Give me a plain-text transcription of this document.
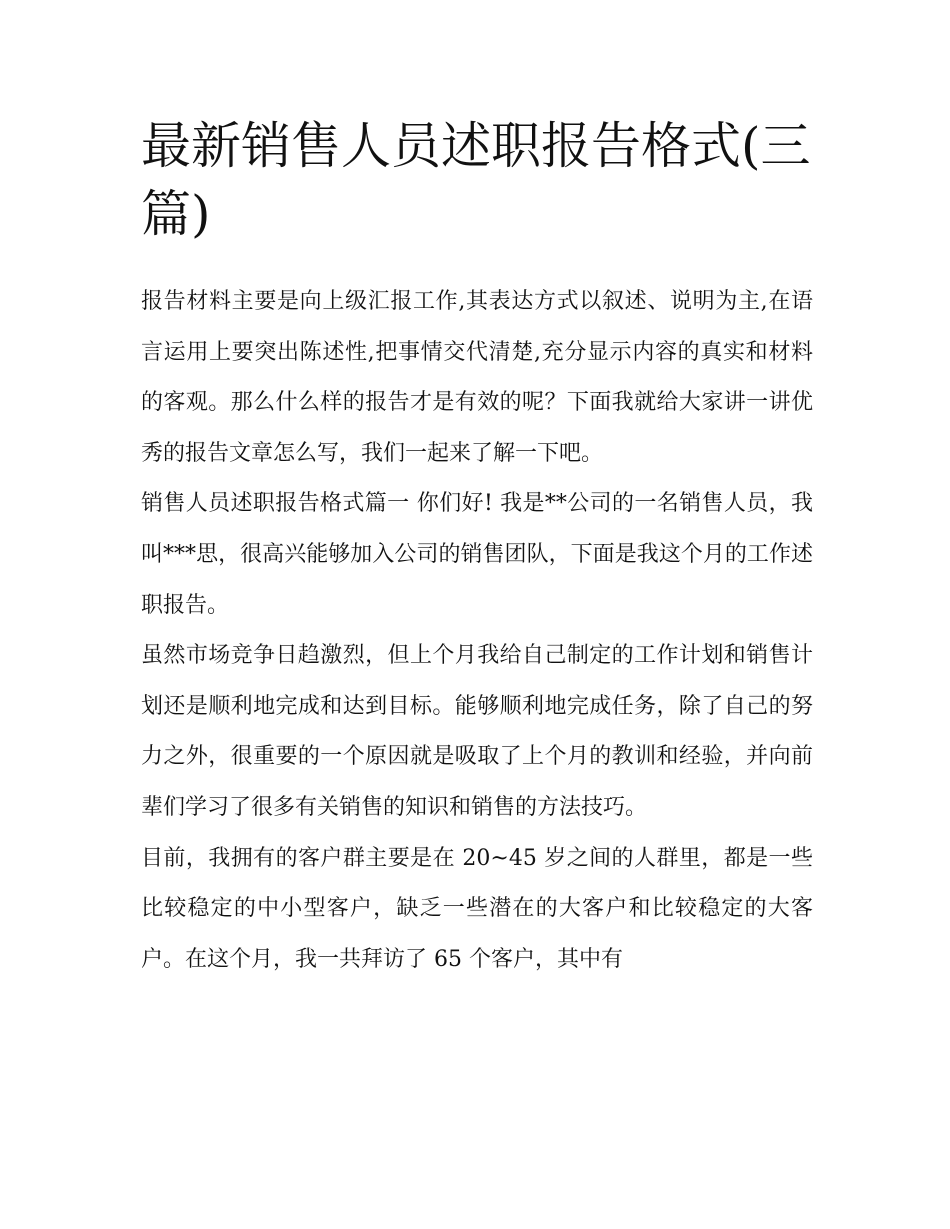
最新销售人员述职报告格式(三篇)

报告材料主要是向上级汇报工作,其表达方式以叙述、说明为主,在语言运用上要突出陈述性,把事情交代清楚,充分显示内容的真实和材料的客观。那么什么样的报告才是有效的呢？下面我就给大家讲一讲优秀的报告文章怎么写，我们一起来了解一下吧。

销售人员述职报告格式篇一 你们好! 我是**公司的一名销售人员，我叫***思，很高兴能够加入公司的销售团队，下面是我这个月的工作述职报告。

虽然市场竞争日趋激烈，但上个月我给自己制定的工作计划和销售计划还是顺利地完成和达到目标。能够顺利地完成任务，除了自己的努力之外，很重要的一个原因就是吸取了上个月的教训和经验，并向前辈们学习了很多有关销售的知识和销售的方法技巧。

目前，我拥有的客户群主要是在 20~45 岁之间的人群里，都是一些比较稳定的中小型客户，缺乏一些潜在的大客户和比较稳定的大客户。在这个月，我一共拜访了 65 个客户，其中有
